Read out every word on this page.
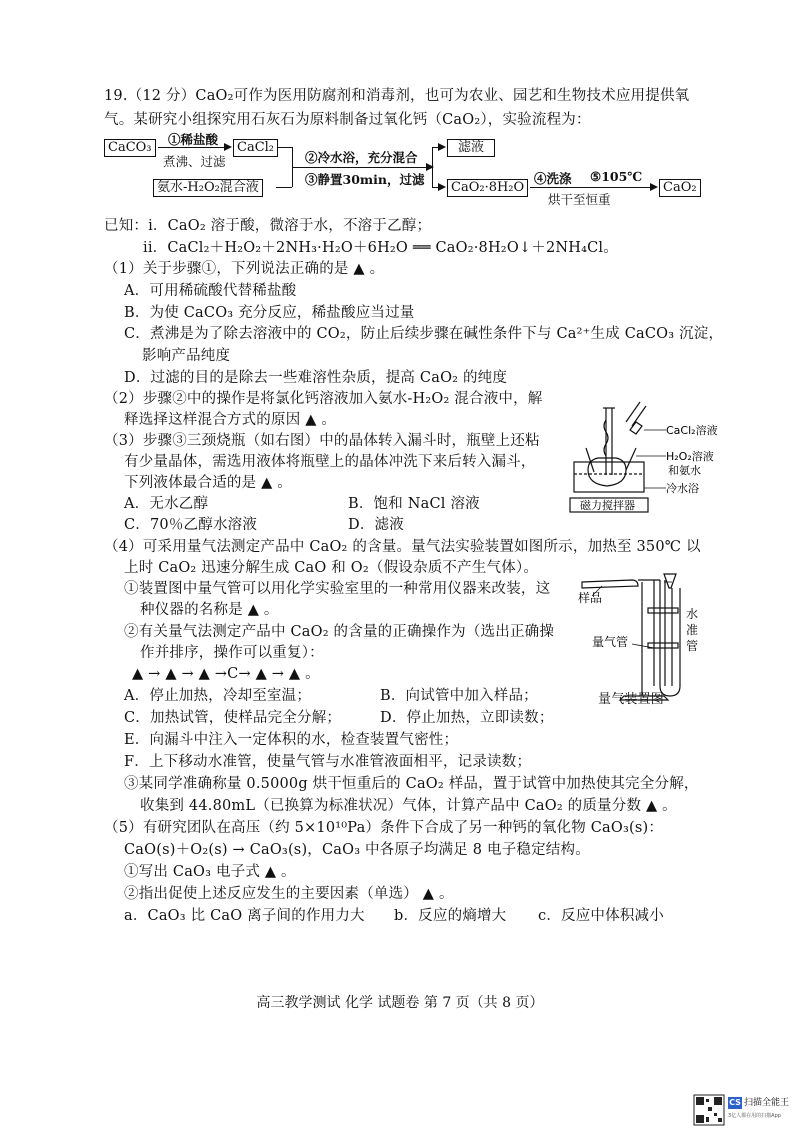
19.（12 分）CaO₂可作为医用防腐剂和消毒剂，也可为农业、园艺和生物技术应用提供氧
气。某研究小组探究用石灰石为原料制备过氧化钙（CaO₂），实验流程为：
CaCO₃
①稀盐酸
煮沸、过滤
CaCl₂
氨水-H₂O₂混合液
②冷水浴，充分混合
③静置30min，过滤
滤液
CaO₂·8H₂O
④洗涤 ⑤105℃
烘干至恒重
CaO₂
已知：i．CaO₂ 溶于酸，微溶于水，不溶于乙醇；
ii．CaCl₂＋H₂O₂＋2NH₃·H₂O＋6H₂O ══ CaO₂·8H₂O↓＋2NH₄Cl。
（1）关于步骤①，下列说法正确的是 ▲ 。
A．可用稀硫酸代替稀盐酸
B．为使 CaCO₃ 充分反应，稀盐酸应当过量
C．煮沸是为了除去溶液中的 CO₂，防止后续步骤在碱性条件下与 Ca²⁺生成 CaCO₃ 沉淀，
影响产品纯度
D．过滤的目的是除去一些难溶性杂质，提高 CaO₂ 的纯度
（2）步骤②中的操作是将氯化钙溶液加入氨水-H₂O₂ 混合液中，解
释选择这样混合方式的原因 ▲ 。
（3）步骤③三颈烧瓶（如右图）中的晶体转入漏斗时，瓶壁上还粘
有少量晶体，需选用液体将瓶壁上的晶体冲洗下来后转入漏斗，
下列液体最合适的是 ▲ 。
A．无水乙醇	B．饱和 NaCl 溶液
C．70％乙醇水溶液	D．滤液
CaCl₂溶液
H₂O₂溶液
和氨水
冷水浴
磁力搅拌器
（4）可采用量气法测定产品中 CaO₂ 的含量。量气法实验装置如图所示，加热至 350℃ 以
上时 CaO₂ 迅速分解生成 CaO 和 O₂（假设杂质不产生气体）。
①装置图中量气管可以用化学实验室里的一种常用仪器来改装，这
种仪器的名称是 ▲ 。
②有关量气法测定产品中 CaO₂ 的含量的正确操作为（选出正确操
作并排序，操作可以重复）：
▲ → ▲ → ▲ →C→ ▲ → ▲ 。
A．停止加热，冷却至室温；	B．向试管中加入样品；
C．加热试管，使样品完全分解；	D．停止加热，立即读数；
E．向漏斗中注入一定体积的水，检查装置气密性；
F．上下移动水准管，使量气管与水准管液面相平，记录读数；
③某同学准确称量 0.5000g 烘干恒重后的 CaO₂ 样品，置于试管中加热使其完全分解，
收集到 44.80mL（已换算为标准状况）气体，计算产品中 CaO₂ 的质量分数 ▲ 。
样品
水
准
管
量气管
量气装置图
（5）有研究团队在高压（约 5×10¹⁰Pa）条件下合成了另一种钙的氧化物 CaO₃(s)：
CaO(s)＋O₂(s) → CaO₃(s)，CaO₃ 中各原子均满足 8 电子稳定结构。
①写出 CaO₃ 电子式 ▲ 。
②指出促使上述反应发生的主要因素（单选） ▲ 。
a．CaO₃ 比 CaO 离子间的作用力大 b．反应的熵增大 c．反应中体积减小
高三教学测试 化学 试题卷 第 7 页（共 8 页）
CS 扫描全能王
3亿人都在用的扫描App
